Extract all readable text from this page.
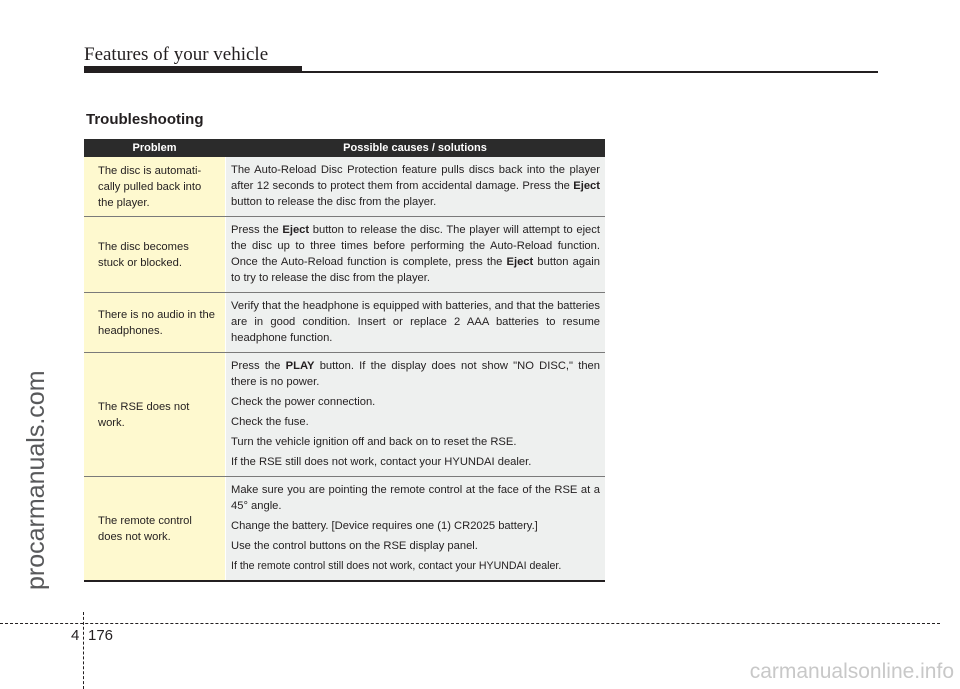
Features of your vehicle
Troubleshooting
Problem	Possible causes / solutions
The disc is automati-cally pulled back into the player.

The Auto-Reload Disc Protection feature pulls discs back into the player after 12 seconds to protect them from accidental damage. Press the Eject button to release the disc from the player.

The disc becomes stuck or blocked.

Press the Eject button to release the disc. The player will attempt to eject the disc up to three times before performing the Auto-Reload function. Once the Auto-Reload function is complete, press the Eject button again to try to release the disc from the player.

There is no audio in the headphones.

Verify that the headphone is equipped with batteries, and that the batteries are in good condition. Insert or replace 2 AAA batteries to resume headphone function.

The RSE does not work.

Press the PLAY button. If the display does not show "NO DISC," then there is no power.

Check the power connection.

Check the fuse.

Turn the vehicle ignition off and back on to reset the RSE.

If the RSE still does not work, contact your HYUNDAI dealer.

The remote control does not work.

Make sure you are pointing the remote control at the face of the RSE at a 45° angle.

Change the battery. [Device requires one (1) CR2025 battery.]

Use the control buttons on the RSE display panel.

If the remote control still does not work, contact your HYUNDAI dealer.

procarmanuals.com
4 176
carmanualsonline.info
